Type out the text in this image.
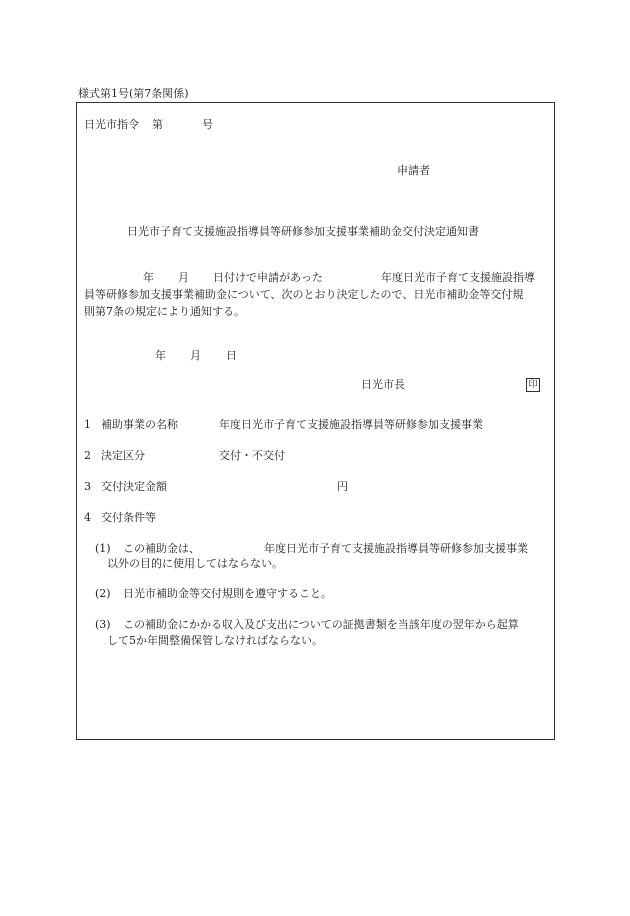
様式第1号(第7条関係)
日光市指令 第	号
申請者
日光市子育て支援施設指導員等研修参加支援事業補助金交付決定通知書
年 月 日付けで申請があった	年度日光市子育て支援施設指導
員等研修参加支援事業補助金について、次のとおり決定したので、日光市補助金等交付規
則第7条の規定により通知する。
年 月 日
日光市長	印
1 補助事業の名称	年度日光市子育て支援施設指導員等研修参加支援事業
2 決定区分	交付・不交付
3 交付決定金額	円
4 交付条件等
(1) この補助金は、	年度日光市子育て支援施設指導員等研修参加支援事業
以外の目的に使用してはならない。
(2) 日光市補助金等交付規則を遵守すること。
(3) この補助金にかかる収入及び支出についての証拠書類を当該年度の翌年から起算
して5か年間整備保管しなければならない。
